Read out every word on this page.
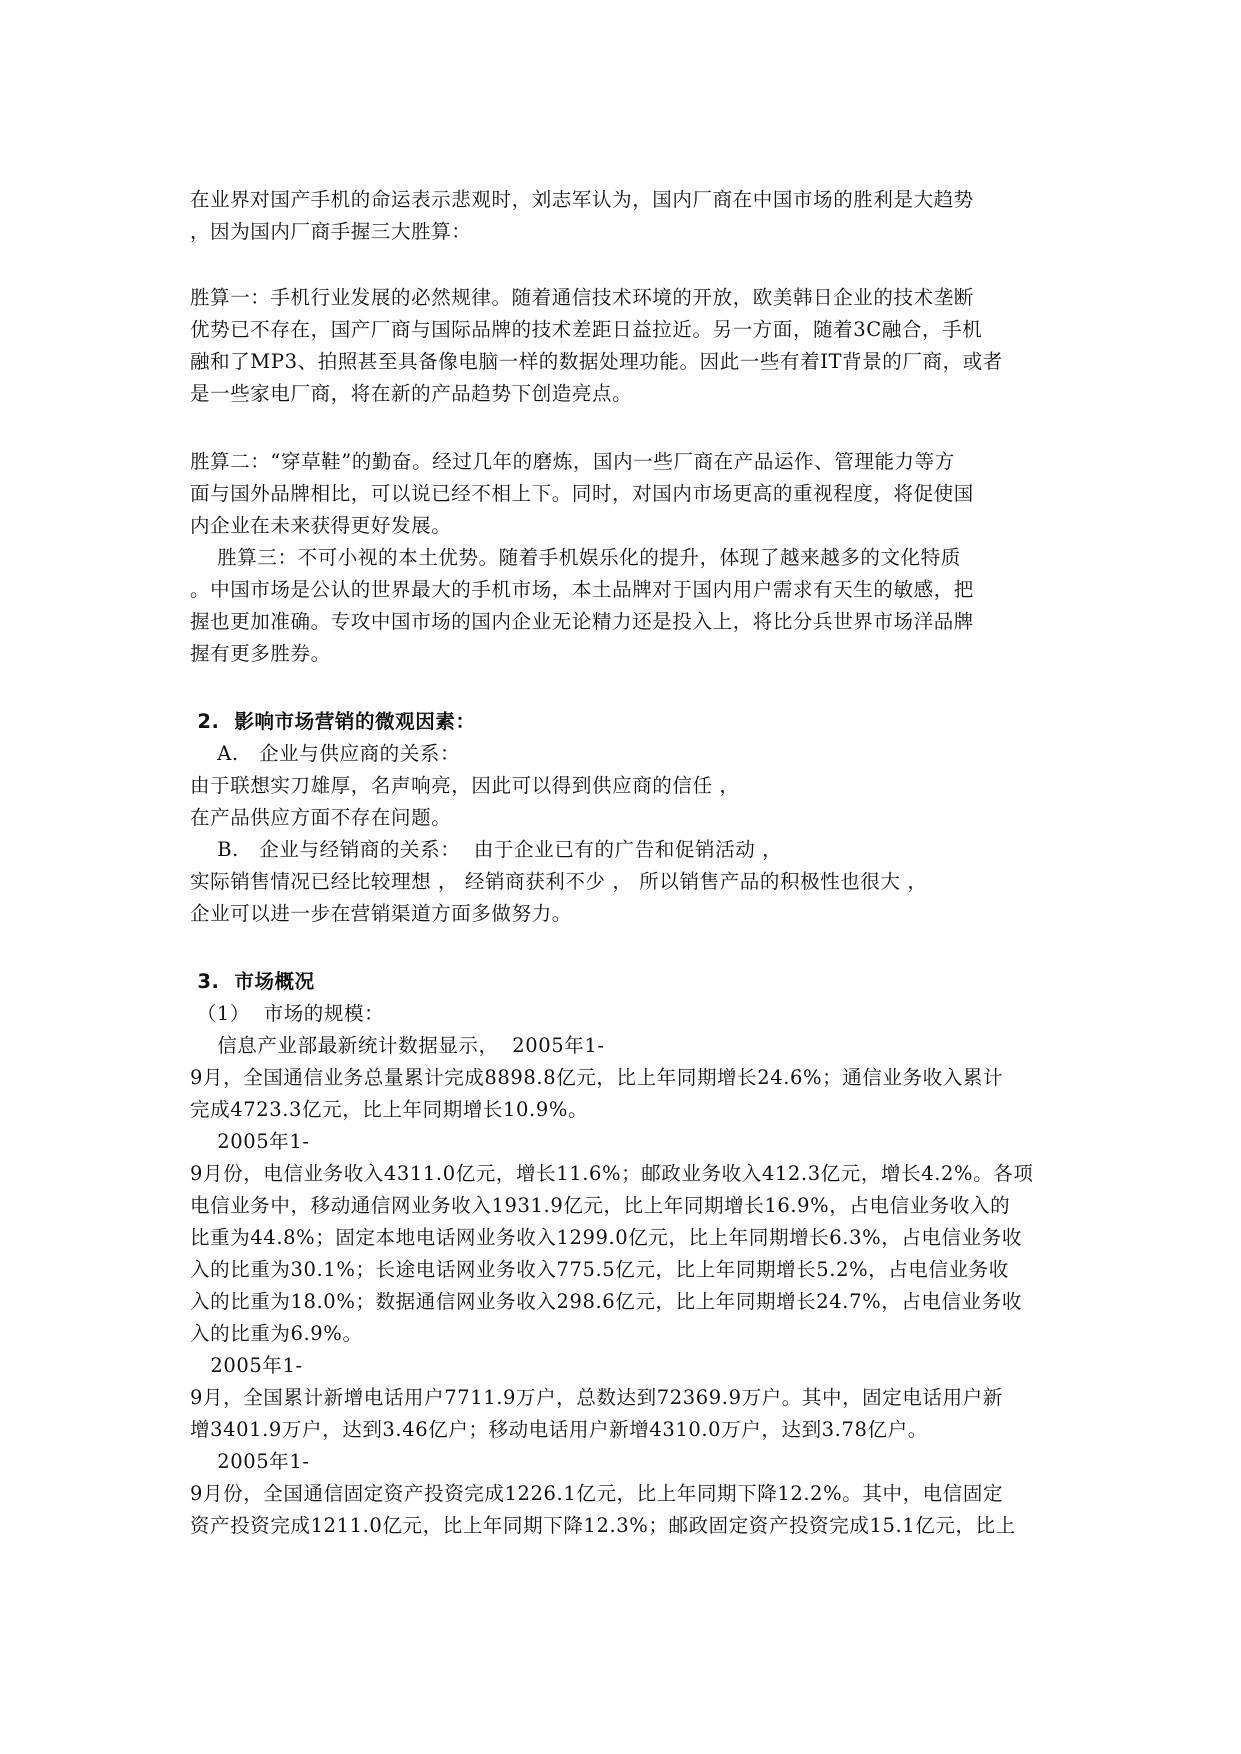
在业界对国产手机的命运表示悲观时，刘志军认为，国内厂商在中国市场的胜利是大趋势

，因为国内厂商手握三大胜算：

胜算一：手机行业发展的必然规律。随着通信技术环境的开放，欧美韩日企业的技术垄断

优势已不存在，国产厂商与国际品牌的技术差距日益拉近。另一方面，随着3C融合，手机

融和了MP3、拍照甚至具备像电脑一样的数据处理功能。因此一些有着IT背景的厂商，或者

是一些家电厂商，将在新的产品趋势下创造亮点。

胜算二：“穿草鞋”的勤奋。经过几年的磨炼，国内一些厂商在产品运作、管理能力等方

面与国外品牌相比，可以说已经不相上下。同时，对国内市场更高的重视程度，将促使国

内企业在未来获得更好发展。

胜算三：不可小视的本土优势。随着手机娱乐化的提升，体现了越来越多的文化特质

。中国市场是公认的世界最大的手机市场，本土品牌对于国内用户需求有天生的敏感，把

握也更加准确。专攻中国市场的国内企业无论精力还是投入上，将比分兵世界市场洋品牌

握有更多胜券。

2.  影响市场营销的微观因素：

A.   企业与供应商的关系：

由于联想实刀雄厚，名声响亮，因此可以得到供应商的信任 ，

在产品供应方面不存在问题。

B.   企业与经销商的关系：  由于企业已有的广告和促销活动 ，

实际销售情况已经比较理想 ， 经销商获利不少 ， 所以销售产品的积极性也很大 ，

企业可以进一步在营销渠道方面多做努力。

3.  市场概况

（1）  市场的规模：

信息产业部最新统计数据显示，  2005年1-

9月，全国通信业务总量累计完成8898.8亿元，比上年同期增长24.6%；通信业务收入累计

完成4723.3亿元，比上年同期增长10.9%。

2005年1-

9月份，电信业务收入4311.0亿元，增长11.6%；邮政业务收入412.3亿元，增长4.2%。各项

电信业务中，移动通信网业务收入1931.9亿元，比上年同期增长16.9%，占电信业务收入的

比重为44.8%；固定本地电话网业务收入1299.0亿元，比上年同期增长6.3%，占电信业务收

入的比重为30.1%；长途电话网业务收入775.5亿元，比上年同期增长5.2%，占电信业务收

入的比重为18.0%；数据通信网业务收入298.6亿元，比上年同期增长24.7%，占电信业务收

入的比重为6.9%。

2005年1-

9月，全国累计新增电话用户7711.9万户，总数达到72369.9万户。其中，固定电话用户新

增3401.9万户，达到3.46亿户；移动电话用户新增4310.0万户，达到3.78亿户。

2005年1-

9月份，全国通信固定资产投资完成1226.1亿元，比上年同期下降12.2%。其中，电信固定

资产投资完成1211.0亿元，比上年同期下降12.3%；邮政固定资产投资完成15.1亿元，比上
